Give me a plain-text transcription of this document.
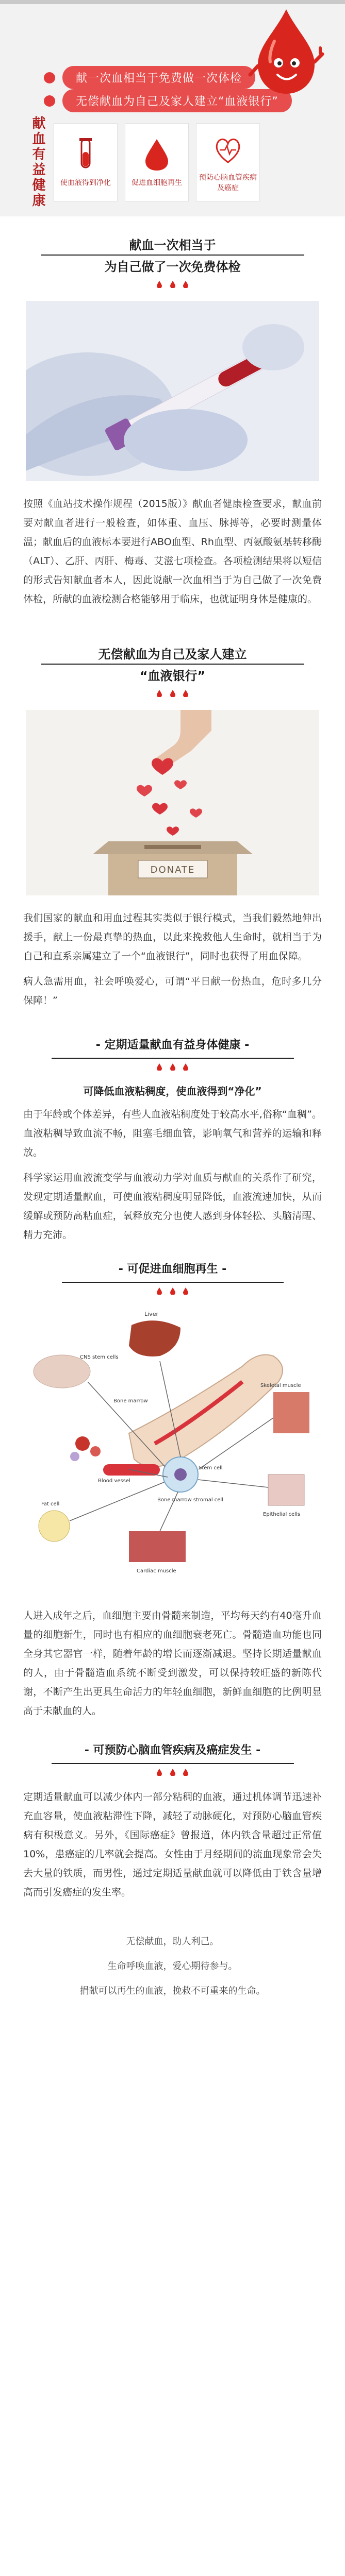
献一次血相当于免费做一次体检
无偿献血为自己及家人建立“血液银行”
献血有益健康 使血液得到净化	促进血细胞再生
预防心脑血管疾病及癌症
献血一次相当于
为自己做了一次免费体检

按照《血站技术操作规程（2015版）》献血者健康检查要求，献血前要对献血者进行一般检查，如体重、血压、脉搏等，必要时测量体温；献血后的血液标本要进行ABO血型、Rh血型、丙氨酸氨基转移酶（ALT）、乙肝、丙肝、梅毒、艾滋七项检查。各项检测结果将以短信的形式告知献血者本人，因此说献一次血相当于为自己做了一次免费体检，所献的血液检测合格能够用于临床，也就证明身体是健康的。

无偿献血为自己及家人建立
“血液银行”

DONATE

我们国家的献血和用血过程其实类似于银行模式，当我们毅然地伸出援手，献上一份最真挚的热血，以此来挽救他人生命时，就相当于为自己和直系亲属建立了一个“血液银行”，同时也获得了用血保障。

病人急需用血，社会呼唤爱心，可谓“平日献一份热血，危时多几分保障！”

- 定期适量献血有益身体健康 -

可降低血液粘稠度，使血液得到“净化”

由于年龄或个体差异，有些人血液粘稠度处于较高水平,俗称“血稠”。血液粘稠导致血流不畅，阻塞毛细血管，影响氧气和营养的运输和释放。

科学家运用血液流变学与血液动力学对血质与献血的关系作了研究，发现定期适量献血，可使血液粘稠度明显降低，血液流速加快，从而缓解或预防高粘血症，氧释放充分也使人感到身体轻松、头脑清醒、精力充沛。

- 可促进血细胞再生 -

Liver
CNS stem cells
Bone marrow
Blood vessel
Stem cell
Bone marrow stromal cell
Skeletal muscle
Fat cell
Cardiac muscle
Epithelial cells

人进入成年之后，血细胞主要由骨髓来制造，平均每天约有40毫升血量的细胞新生，同时也有相应的血细胞衰老死亡。骨髓造血功能也同全身其它器官一样，随着年龄的增长而逐渐减退。坚持长期适量献血的人，由于骨髓造血系统不断受到激发，可以保持较旺盛的新陈代谢，不断产生出更具生命活力的年轻血细胞，新鲜血细胞的比例明显高于未献血的人。

- 可预防心脑血管疾病及癌症发生 -

定期适量献血可以减少体内一部分粘稠的血液，通过机体调节迅速补充血容量，使血液粘滞性下降，减轻了动脉硬化，对预防心脑血管疾病有积极意义。另外，《国际癌症》曾报道，体内铁含量超过正常值10%，患癌症的几率就会提高。女性由于月经期间的流血现象常会失去大量的铁质，而男性，通过定期适量献血就可以降低由于铁含量增高而引发癌症的发生率。

无偿献血，助人利己。

生命呼唤血液，爱心期待参与。

捐献可以再生的血液，挽救不可重来的生命。
